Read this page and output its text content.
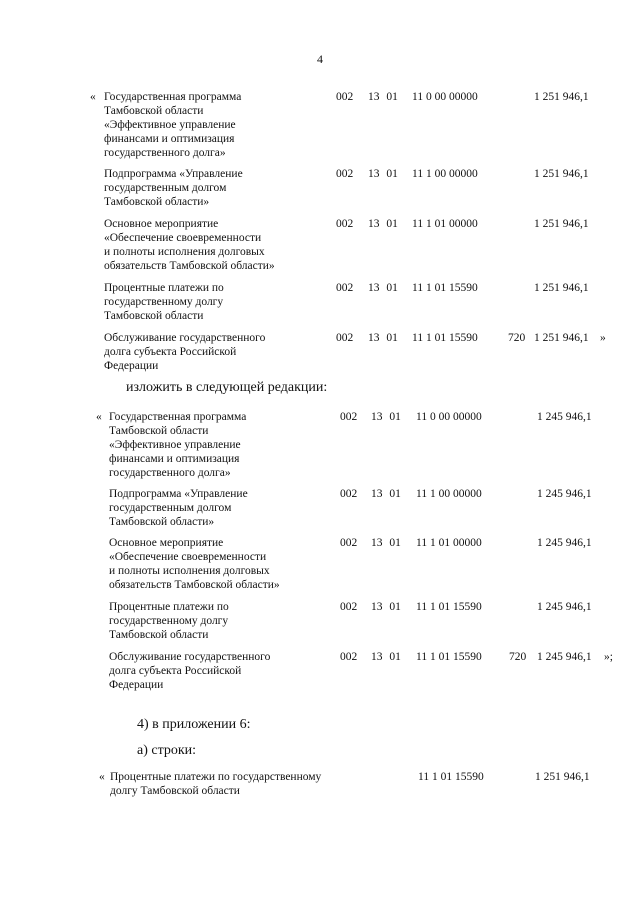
4
« Государственная программа
Тамбовской области
«Эффективное управление
финансами и оптимизация
государственного долга»
002 13 01 11 0 00 00000	1 251 946,1
Подпрограмма «Управление
государственным долгом
Тамбовской области»
002 13 01 11 1 00 00000	1 251 946,1
Основное мероприятие
«Обеспечение своевременности
и полноты исполнения долговых
обязательств Тамбовской области»
002 13 01 11 1 01 00000	1 251 946,1
Процентные платежи по
государственному долгу
Тамбовской области
002 13 01 11 1 01 15590	1 251 946,1
Обслуживание государственного
долга субъекта Российской
Федерации
002 13 01 11 1 01 15590	720 1 251 946,1 »
изложить в следующей редакции:
« Государственная программа
Тамбовской области
«Эффективное управление
финансами и оптимизация
государственного долга»
002 13 01 11 0 00 00000	1 245 946,1
Подпрограмма «Управление
государственным долгом
Тамбовской области»
002 13 01 11 1 00 00000	1 245 946,1
Основное мероприятие
«Обеспечение своевременности
и полноты исполнения долговых
обязательств Тамбовской области»
002 13 01 11 1 01 00000	1 245 946,1
Процентные платежи по
государственному долгу
Тамбовской области
002 13 01 11 1 01 15590	1 245 946,1
Обслуживание государственного
долга субъекта Российской
Федерации
002 13 01 11 1 01 15590 720 1 245 946,1 »;
4) в приложении 6:
а) строки:
« Процентные платежи по государственному
долгу Тамбовской области
11 1 01 15590	1 251 946,1
